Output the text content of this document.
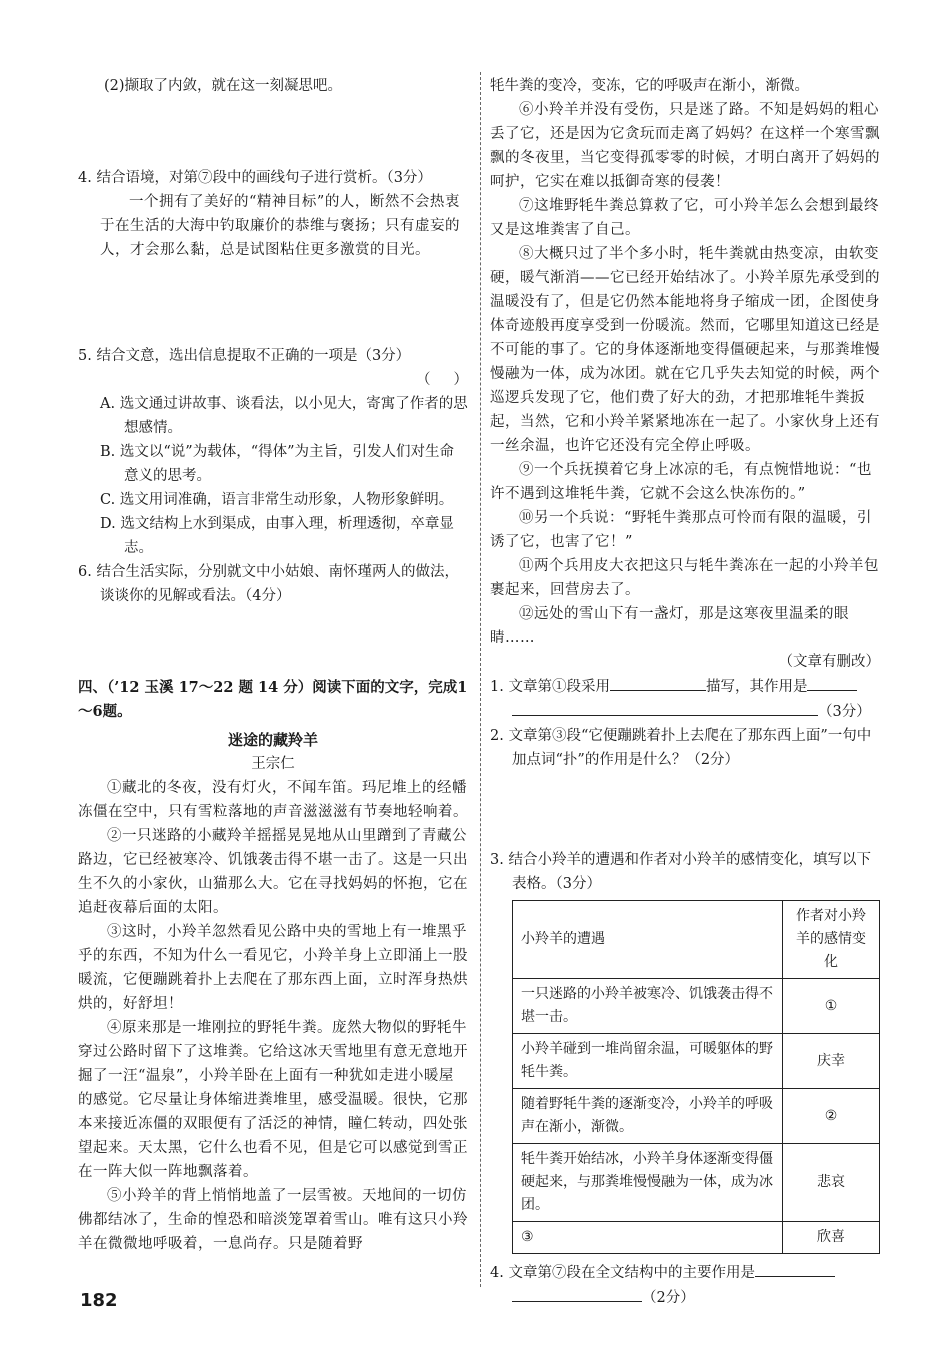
(2)撷取了内敛，就在这一刻凝思吧。

4. 结合语境，对第⑦段中的画线句子进行赏析。（3分）

一个拥有了美好的“精神目标”的人，断然不会热衷于在生活的大海中钓取廉价的恭维与褒扬；只有虚妄的人，才会那么黏，总是试图粘住更多激赏的目光。

5. 结合文意，选出信息提取不正确的一项是（3分）

（     ）

A. 选文通过讲故事、谈看法，以小见大，寄寓了作者的思想感情。

B. 选文以“说”为载体，“得体”为主旨，引发人们对生命意义的思考。

C. 选文用词准确，语言非常生动形象，人物形象鲜明。

D. 选文结构上水到渠成，由事入理，析理透彻，卒章显志。

6. 结合生活实际，分别就文中小姑娘、南怀瑾两人的做法，谈谈你的见解或看法。（4分）

四、（’12 玉溪 17～22 题 14 分）阅读下面的文字，完成1～6题。

迷途的藏羚羊

王宗仁

①藏北的冬夜，没有灯火，不闻车笛。玛尼堆上的经幡冻僵在空中，只有雪粒落地的声音滋滋滋有节奏地轻响着。

②一只迷路的小藏羚羊摇摇晃晃地从山里蹭到了青藏公路边，它已经被寒冷、饥饿袭击得不堪一击了。这是一只出生不久的小家伙，山猫那么大。它在寻找妈妈的怀抱，它在追赶夜幕后面的太阳。

③这时，小羚羊忽然看见公路中央的雪地上有一堆黑乎乎的东西，不知为什么一看见它，小羚羊身上立即涌上一股暖流，它便蹦跳着扑上去爬在了那东西上面，立时浑身热烘烘的，好舒坦！

④原来那是一堆刚拉的野牦牛粪。庞然大物似的野牦牛穿过公路时留下了这堆粪。它给这冰天雪地里有意无意地开掘了一汪“温泉”，小羚羊卧在上面有一种犹如走进小暖屋的感觉。它尽量让身体缩进粪堆里，感受温暖。很快，它那本来接近冻僵的双眼便有了活泛的神情，瞳仁转动，四处张望起来。天太黑，它什么也看不见，但是它可以感觉到雪正在一阵大似一阵地飘落着。

⑤小羚羊的背上悄悄地盖了一层雪被。天地间的一切仿佛都结冰了，生命的惶恐和暗淡笼罩着雪山。唯有这只小羚羊在微微地呼吸着，一息尚存。只是随着野

牦牛粪的变冷，变冻，它的呼吸声在渐小，渐微。

⑥小羚羊并没有受伤，只是迷了路。不知是妈妈的粗心丢了它，还是因为它贪玩而走离了妈妈？在这样一个寒雪飘飘的冬夜里，当它变得孤零零的时候，才明白离开了妈妈的呵护，它实在难以抵御奇寒的侵袭！

⑦这堆野牦牛粪总算救了它，可小羚羊怎么会想到最终又是这堆粪害了自己。

⑧大概只过了半个多小时，牦牛粪就由热变凉，由软变硬，暖气渐消——它已经开始结冰了。小羚羊原先承受到的温暖没有了，但是它仍然本能地将身子缩成一团，企图使身体奇迹般再度享受到一份暖流。然而，它哪里知道这已经是不可能的事了。它的身体逐渐地变得僵硬起来，与那粪堆慢慢融为一体，成为冰团。就在它几乎失去知觉的时候，两个巡逻兵发现了它，他们费了好大的劲，才把那堆牦牛粪扳起，当然，它和小羚羊紧紧地冻在一起了。小家伙身上还有一丝余温，也许它还没有完全停止呼吸。

⑨一个兵抚摸着它身上冰凉的毛，有点惋惜地说：“也许不遇到这堆牦牛粪，它就不会这么快冻伤的。”

⑩另一个兵说：“野牦牛粪那点可怜而有限的温暖，引诱了它，也害了它！”

⑪两个兵用皮大衣把这只与牦牛粪冻在一起的小羚羊包裹起来，回营房去了。

⑫远处的雪山下有一盏灯，那是这寒夜里温柔的眼睛……

（文章有删改）

1. 文章第①段采用	描写，其作用是

（3分）

2. 文章第③段“它便蹦跳着扑上去爬在了那东西上面”一句中加点词“扑”的作用是什么？（2分）

3. 结合小羚羊的遭遇和作者对小羚羊的感情变化，填写以下表格。（3分）

小羚羊的遭遇	作者对小羚羊的感情变化
一只迷路的小羚羊被寒冷、饥饿袭击得不堪一击。	①
小羚羊碰到一堆尚留余温，可暖躯体的野牦牛粪。	庆幸
随着野牦牛粪的逐渐变冷，小羚羊的呼吸声在渐小，渐微。	②
牦牛粪开始结冰，小羚羊身体逐渐变得僵硬起来，与那粪堆慢慢融为一体，成为冰团。	悲哀
③	欣喜

4. 文章第⑦段在全文结构中的主要作用是

（2分）

182
